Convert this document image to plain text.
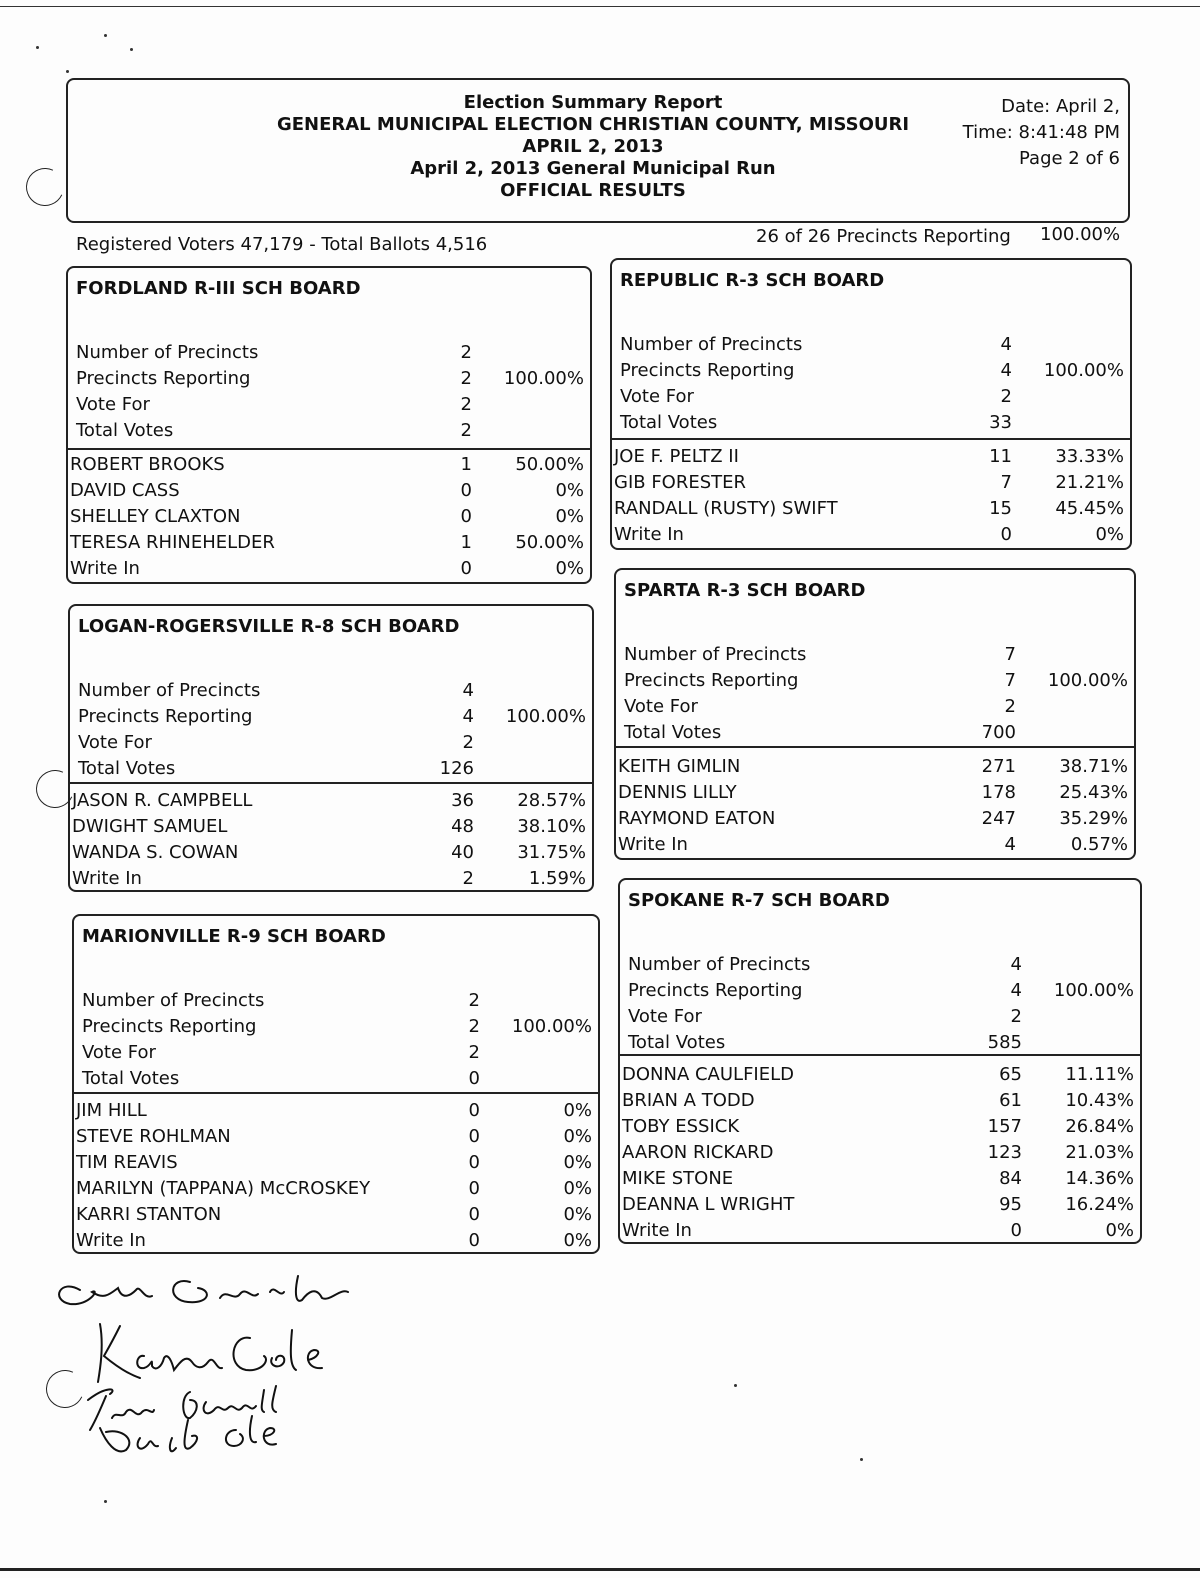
Election Summary Report
GENERAL MUNICIPAL ELECTION CHRISTIAN COUNTY, MISSOURI
APRIL 2, 2013
April 2, 2013 General Municipal Run
OFFICIAL RESULTS
Date: April 2,
Time: 8:41:48 PM
Page 2 of 6
Registered Voters 47,179 - Total Ballots 4,516	26 of 26 Precincts Reporting 100.00%
FORDLAND R-III SCH BOARD
Number of Precincts	2
Precincts Reporting	2	100.00%
Vote For	2
Total Votes	2
ROBERT BROOKS	1	50.00%
DAVID CASS	0	0%
SHELLEY CLAXTON	0	0%
TERESA RHINEHELDER	1	50.00%
Write In	0	0%
LOGAN-ROGERSVILLE R-8 SCH BOARD
Number of Precincts	4
Precincts Reporting	4	100.00%
Vote For	2
Total Votes	126
JASON R. CAMPBELL	36	28.57%
DWIGHT SAMUEL	48	38.10%
WANDA S. COWAN	40	31.75%
Write In	2	1.59%
MARIONVILLE R-9 SCH BOARD
Number of Precincts	2
Precincts Reporting	2	100.00%
Vote For	2
Total Votes	0
JIM HILL	0	0%
STEVE ROHLMAN	0	0%
TIM REAVIS	0	0%
MARILYN (TAPPANA) McCROSKEY	0	0%
KARRI STANTON	0	0%
Write In	0	0%
REPUBLIC R-3 SCH BOARD
Number of Precincts	4
Precincts Reporting	4	100.00%
Vote For	2
Total Votes	33
JOE F. PELTZ II	11	33.33%
GIB FORESTER	7	21.21%
RANDALL (RUSTY) SWIFT	15	45.45%
Write In	0	0%
SPARTA R-3 SCH BOARD
Number of Precincts	7
Precincts Reporting	7	100.00%
Vote For	2
Total Votes	700
KEITH GIMLIN	271	38.71%
DENNIS LILLY	178	25.43%
RAYMOND EATON	247	35.29%
Write In	4	0.57%
SPOKANE R-7 SCH BOARD
Number of Precincts	4
Precincts Reporting	4	100.00%
Vote For	2
Total Votes	585
DONNA CAULFIELD	65	11.11%
BRIAN A TODD	61	10.43%
TOBY ESSICK	157	26.84%
AARON RICKARD	123	21.03%
MIKE STONE	84	14.36%
DEANNA L WRIGHT	95	16.24%
Write In	0	0%
